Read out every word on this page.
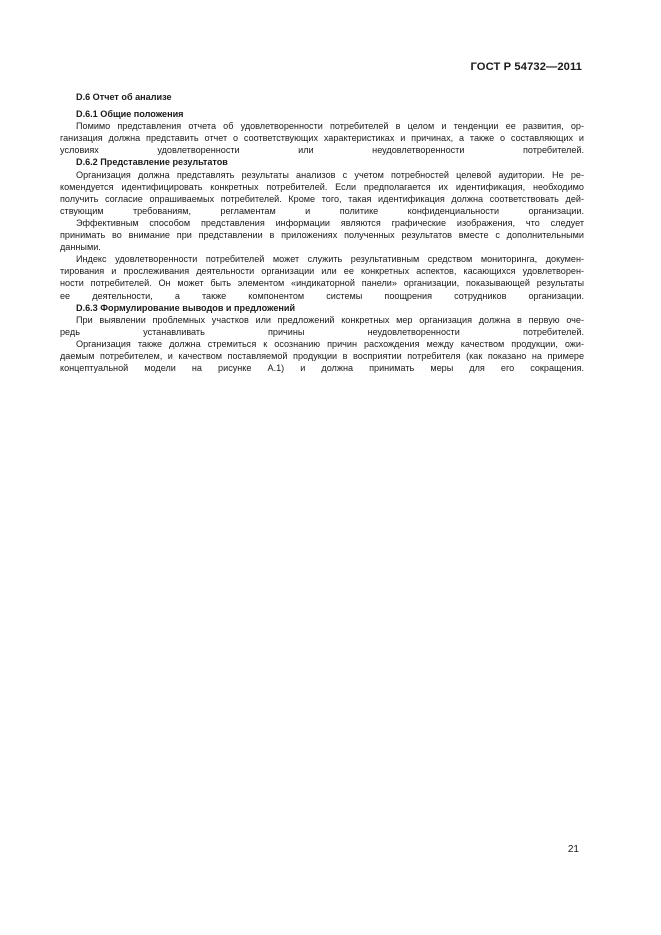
ГОСТ Р 54732—2011

D.6 Отчет об анализе

D.6.1 Общие положения

Помимо представления отчета об удовлетворенности потребителей в целом и тенденции ее развития, ор-

ганизация должна представить отчет о соответствующих характеристиках и причинах, а также о составляющих и

условиях удовлетворенности или неудовлетворенности потребителей.

D.6.2 Представление результатов

Организация должна представлять результаты анализов с учетом потребностей целевой аудитории. Не ре-

комендуется идентифицировать конкретных потребителей. Если предполагается их идентификация, необходимо

получить согласие опрашиваемых потребителей. Кроме того, такая идентификация должна соответствовать дей-

ствующим требованиям, регламентам и политике конфиденциальности организации.

Эффективным способом представления информации являются графические изображения, что следует

принимать во внимание при представлении в приложениях полученных результатов вместе с дополнительными

данными.

Индекс удовлетворенности потребителей может служить результативным средством мониторинга, докумен-

тирования и прослеживания деятельности организации или ее конкретных аспектов, касающихся удовлетворен-

ности потребителей. Он может быть элементом «индикаторной панели» организации, показывающей результаты

ее деятельности, а также компонентом системы поощрения сотрудников организации.

D.6.3 Формулирование выводов и предложений

При выявлении проблемных участков или предложений конкретных мер организация должна в первую оче-

редь устанавливать причины неудовлетворенности потребителей.

Организация также должна стремиться к осознанию причин расхождения между качеством продукции, ожи-

даемым потребителем, и качеством поставляемой продукции в восприятии потребителя (как показано на примере

концептуальной модели на рисунке А.1) и должна принимать меры для его сокращения.

21
